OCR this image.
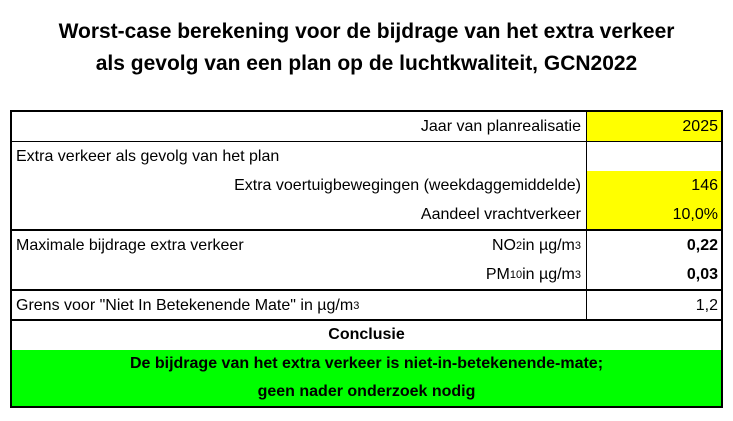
Worst-case berekening voor de bijdrage van het extra verkeer
als gevolg van een plan op de luchtkwaliteit, GCN2022
Jaar van planrealisatie	2025
Extra verkeer als gevolg van het plan
Extra voertuigbewegingen (weekdaggemiddelde)	146
Aandeel vrachtverkeer	10,0%
Maximale bijdrage extra verkeer	NO 2 in µg/m 3	0,22
PM 10 in µg/m 3	0,03
Grens voor "Niet In Betekenende Mate" in µg/m 3	1,2
Conclusie
De bijdrage van het extra verkeer is niet-in-betekenende-mate;
geen nader onderzoek nodig
